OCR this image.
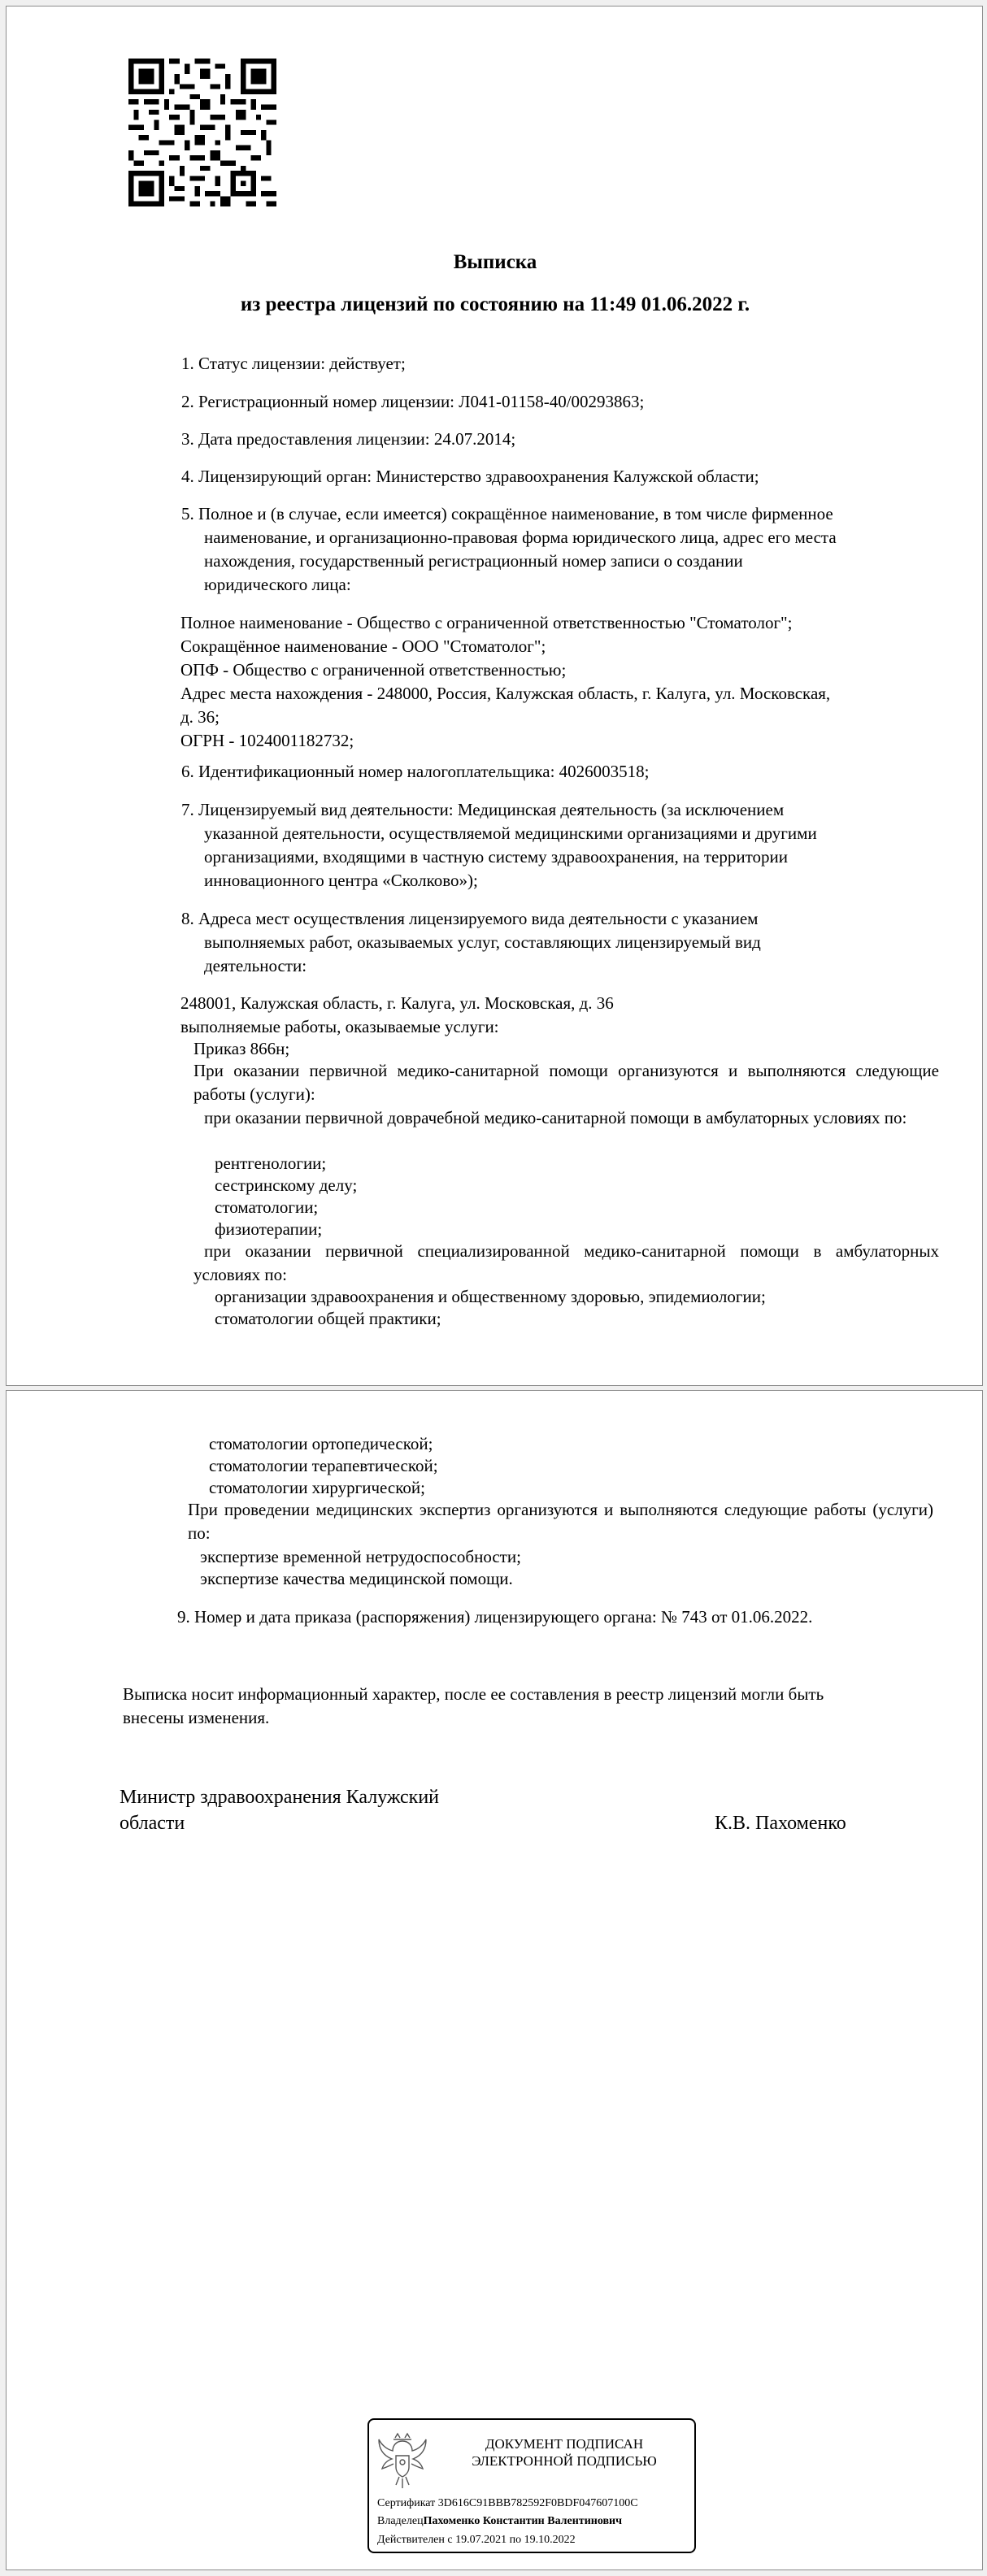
Выписка
из реестра лицензий по состоянию на 11:49 01.06.2022 г.
1. Статус лицензии: действует;
2. Регистрационный номер лицензии: Л041-01158-40/00293863;
3. Дата предоставления лицензии: 24.07.2014;
4. Лицензирующий орган: Министерство здравоохранения Калужской области;
5. Полное и (в случае, если имеется) сокращённое наименование, в том числе фирменное
наименование, и организационно-правовая форма юридического лица, адрес его места
нахождения, государственный регистрационный номер записи о создании
юридического лица:
Полное наименование - Общество с ограниченной ответственностью "Стоматолог";
Сокращённое наименование - ООО "Стоматолог";
ОПФ - Общество с ограниченной ответственностью;
Адрес места нахождения - 248000, Россия, Калужская область, г. Калуга, ул. Московская,
д. 36;
ОГРН - 1024001182732;
6. Идентификационный номер налогоплательщика: 4026003518;
7. Лицензируемый вид деятельности: Медицинская деятельность (за исключением
указанной деятельности, осуществляемой медицинскими организациями и другими
организациями, входящими в частную систему здравоохранения, на территории
инновационного центра «Сколково»);
8. Адреса мест осуществления лицензируемого вида деятельности с указанием
выполняемых работ, оказываемых услуг, составляющих лицензируемый вид
деятельности:
248001, Калужская область, г. Калуга, ул. Московская, д. 36
выполняемые работы, оказываемые услуги:
Приказ 866н;
При оказании первичной медико-санитарной помощи организуются и выполняются следующие работы (услуги):
при оказании первичной доврачебной медико-санитарной помощи в амбулаторных условиях по:
рентгенологии;
сестринскому делу;
стоматологии;
физиотерапии;
при оказании первичной специализированной медико-санитарной помощи в амбулаторных условиях по:
организации здравоохранения и общественному здоровью, эпидемиологии;
стоматологии общей практики;
стоматологии ортопедической;
стоматологии терапевтической;
стоматологии хирургической;
При проведении медицинских экспертиз организуются и выполняются следующие работы (услуги) по:
экспертизе временной нетрудоспособности;
экспертизе качества медицинской помощи.
9. Номер и дата приказа (распоряжения) лицензирующего органа: № 743 от 01.06.2022.
Выписка носит информационный характер, после ее составления в реестр лицензий могли быть
внесены изменения.
Министр здравоохранения Калужский
области	К.В. Пахоменко
ДОКУМЕНТ ПОДПИСАН
ЭЛЕКТРОННОЙ ПОДПИСЬЮ
Сертификат 3D616C91BBB782592F0BDF047607100C
ВладелецПахоменко Константин Валентинович
Действителен с 19.07.2021 по 19.10.2022
